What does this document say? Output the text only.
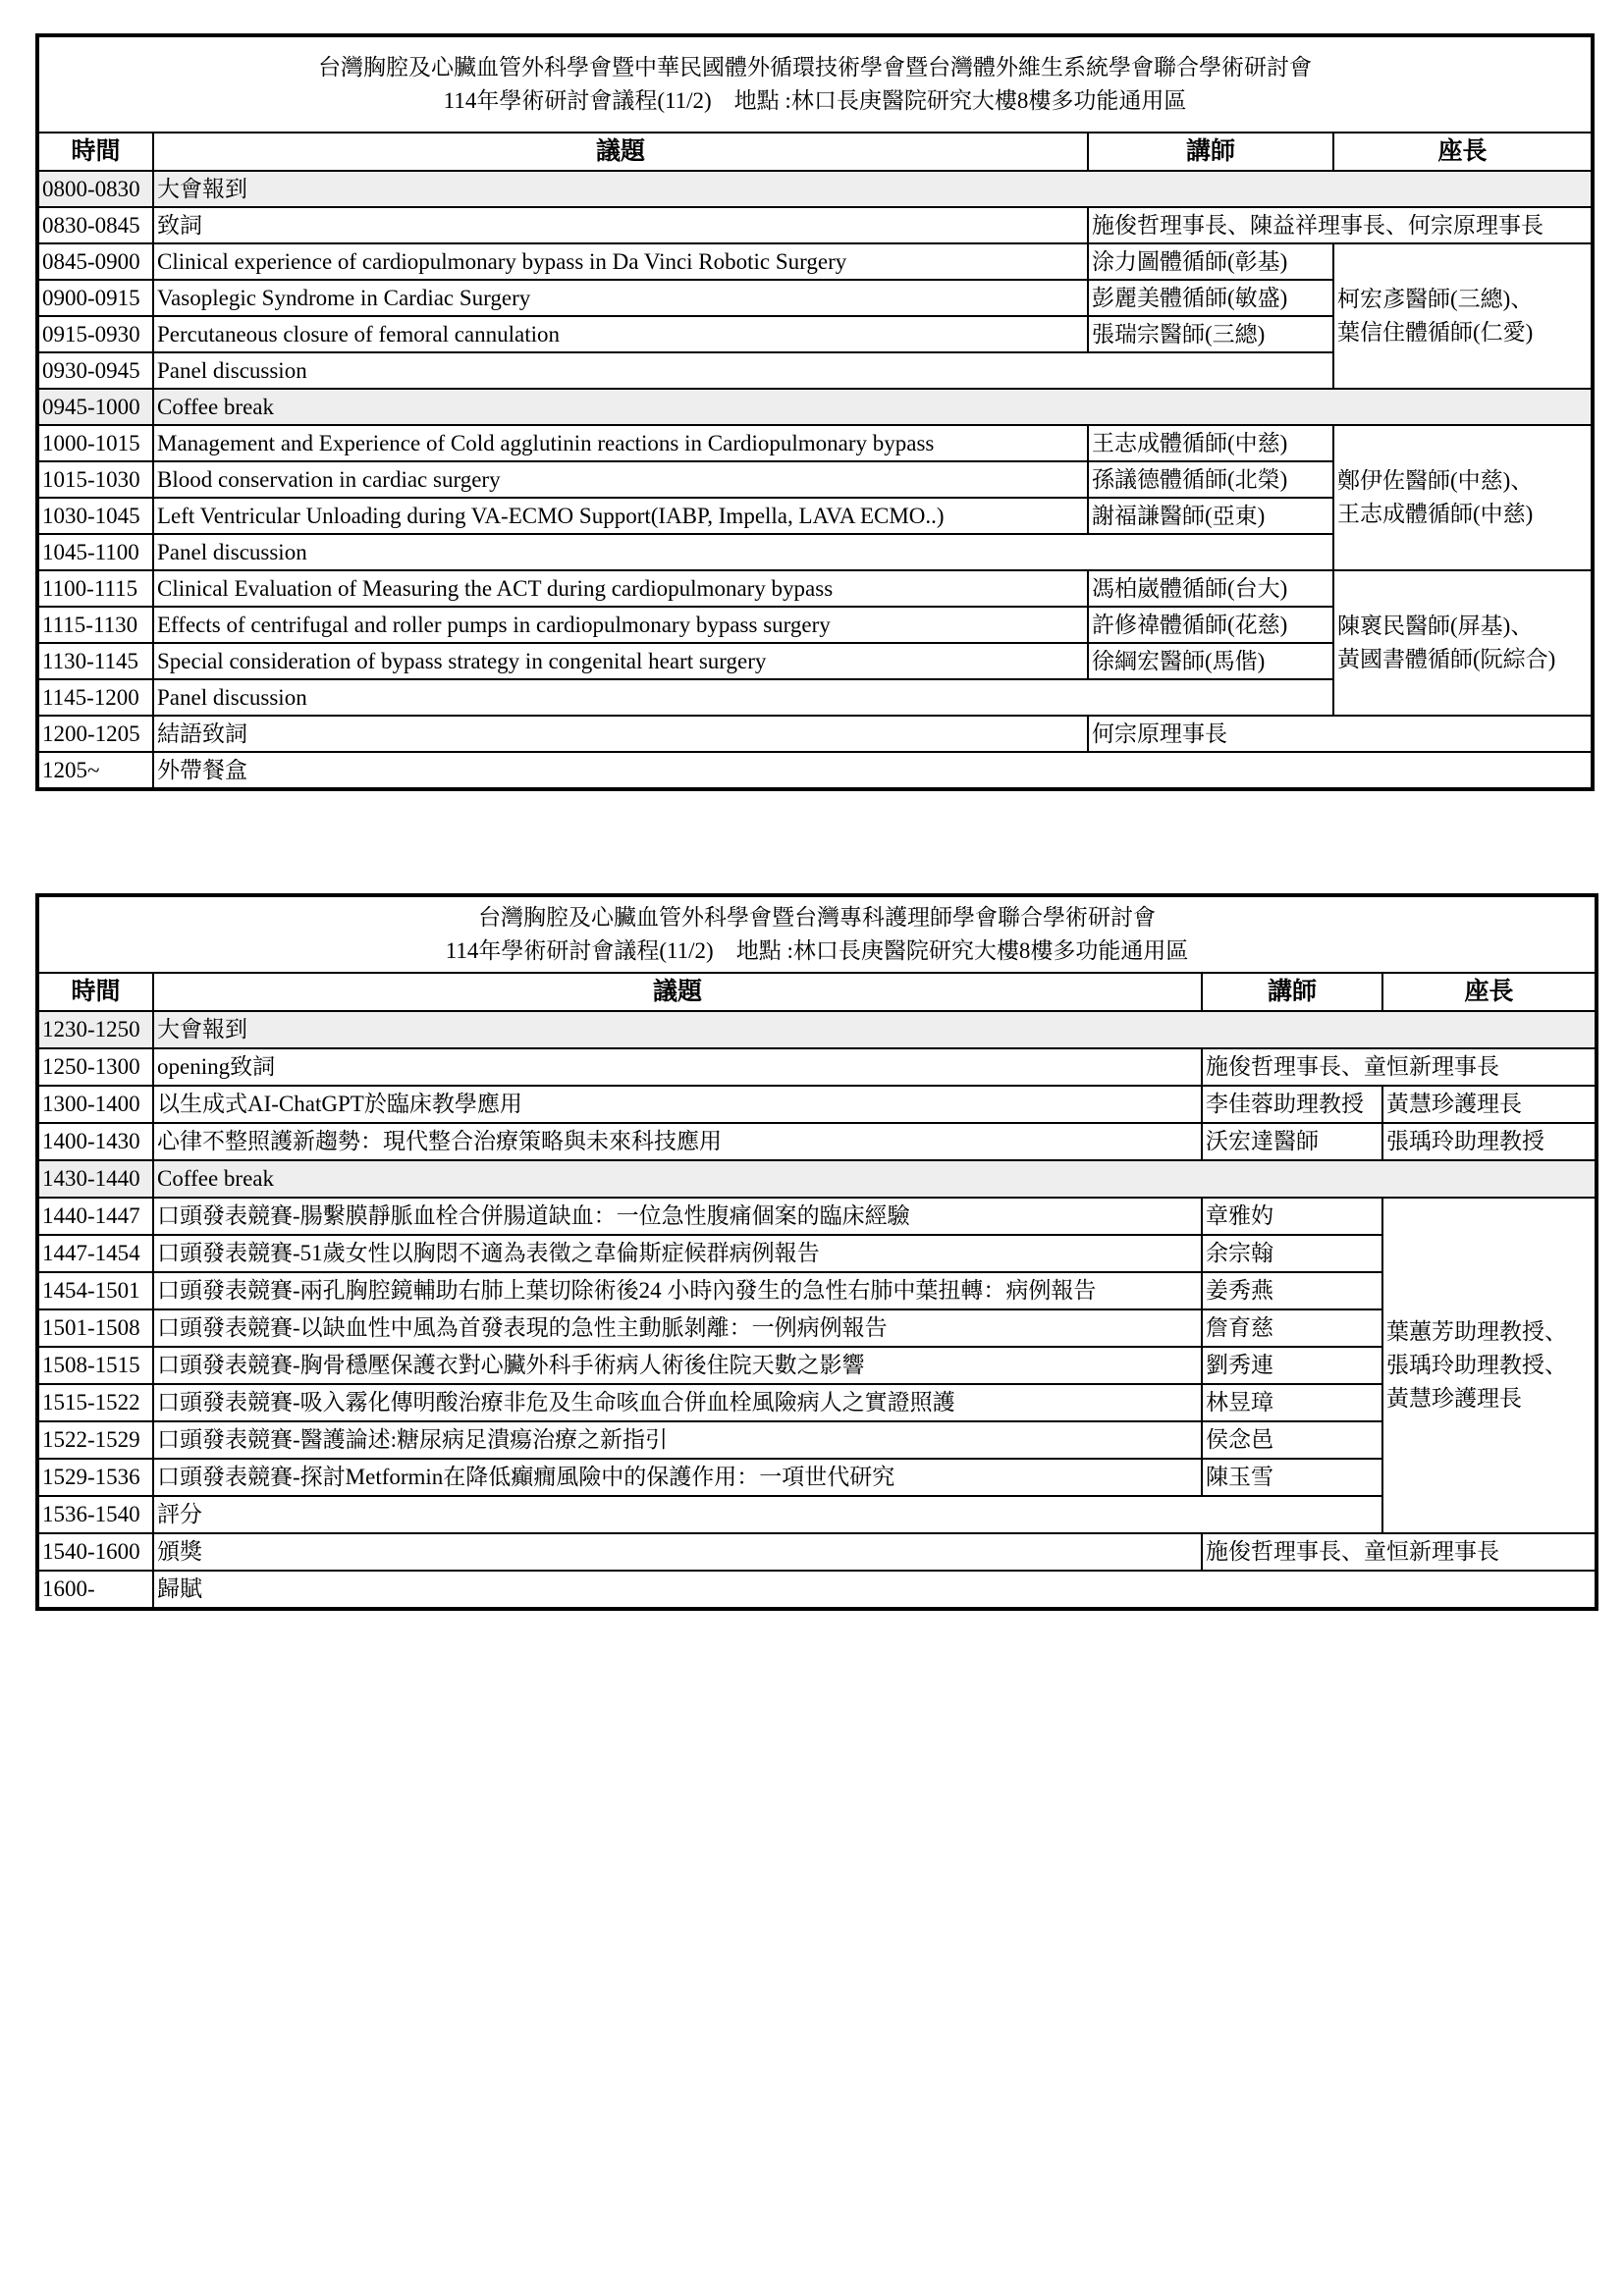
台灣胸腔及心臟血管外科學會暨中華民國體外循環技術學會暨台灣體外維生系統學會聯合學術研討會
114年學術研討會議程(11/2)　地點 :林口長庚醫院研究大樓8樓多功能通用區			

時間	議題	講師	座長
0800-0830	大會報到		
0830-0845	致詞	施俊哲理事長、陳益祥理事長、何宗原理事長	
0845-0900	Clinical experience of cardiopulmonary bypass in Da Vinci Robotic Surgery	涂力圖體循師(彰基)	柯宏彥醫師(三總)、
葉信住體循師(仁愛)

0900-0915	Vasoplegic Syndrome in Cardiac Surgery	彭麗美體循師(敏盛)	
0915-0930	Percutaneous closure of femoral cannulation	張瑞宗醫師(三總)	
0930-0945	Panel discussion		
0945-1000	Coffee break		
1000-1015	Management and Experience of Cold agglutinin reactions in Cardiopulmonary bypass	王志成體循師(中慈)	鄭伊佐醫師(中慈)、
王志成體循師(中慈)

1015-1030	Blood conservation in cardiac surgery	孫議德體循師(北榮)	
1030-1045	Left Ventricular Unloading during VA-ECMO Support(IABP, Impella, LAVA ECMO..)	謝福謙醫師(亞東)	
1045-1100	Panel discussion		
1100-1115	Clinical Evaluation of Measuring the ACT during cardiopulmonary bypass	馮柏崴體循師(台大)	陳褱民醫師(屏基)、
黃國書體循師(阮綜合)

1115-1130	Effects of centrifugal and roller pumps in cardiopulmonary bypass surgery	許修禕體循師(花慈)	
1130-1145	Special consideration of bypass strategy in congenital heart surgery	徐綱宏醫師(馬偕)	
1145-1200	Panel discussion		
1200-1205	結語致詞	何宗原理事長	
1205~	外帶餐盒		
台灣胸腔及心臟血管外科學會暨台灣專科護理師學會聯合學術研討會
114年學術研討會議程(11/2)　地點 :林口長庚醫院研究大樓8樓多功能通用區			

時間	議題	講師	座長
1230-1250	大會報到		
1250-1300	opening致詞	施俊哲理事長、童恒新理事長	
1300-1400	以生成式AI-ChatGPT於臨床教學應用	李佳蓉助理教授	黃慧珍護理長
1400-1430	心律不整照護新趨勢：現代整合治療策略與未來科技應用	沃宏達醫師	張瑀玲助理教授
1430-1440	Coffee break		
1440-1447	口頭發表競賽-腸繫膜靜脈血栓合併腸道缺血：一位急性腹痛個案的臨床經驗	章雅妁	葉蕙芳助理教授、
張瑀玲助理教授、
黃慧珍護理長

1447-1454	口頭發表競賽-51歲女性以胸悶不適為表徵之韋倫斯症候群病例報告	余宗翰	
1454-1501	口頭發表競賽-兩孔胸腔鏡輔助右肺上葉切除術後24 小時內發生的急性右肺中葉扭轉：病例報告	姜秀燕	
1501-1508	口頭發表競賽-以缺血性中風為首發表現的急性主動脈剝離：一例病例報告	詹育慈	
1508-1515	口頭發表競賽-胸骨穩壓保護衣對心臟外科手術病人術後住院天數之影響	劉秀連	
1515-1522	口頭發表競賽-吸入霧化傳明酸治療非危及生命咳血合併血栓風險病人之實證照護	林昱璋	
1522-1529	口頭發表競賽-醫護論述:糖尿病足潰瘍治療之新指引	侯念邑	
1529-1536	口頭發表競賽-探討Metformin在降低癲癇風險中的保護作用：一項世代研究	陳玉雪	
1536-1540	評分		
1540-1600	頒獎	施俊哲理事長、童恒新理事長	
1600-	歸賦		
